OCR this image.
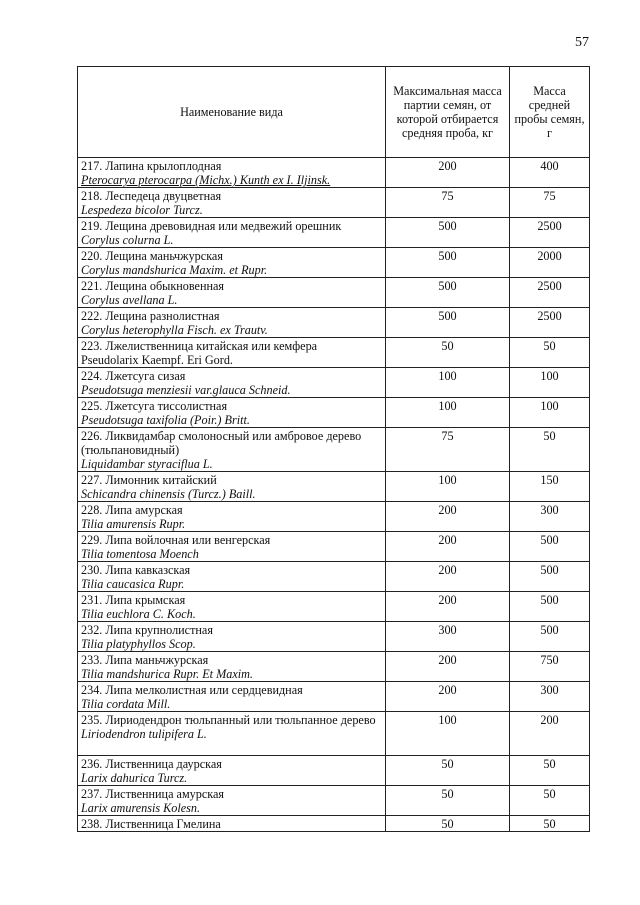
57
Наименование вида	Максимальная масса партии семян, от которой отбирается средняя проба, кг	Масса средней пробы семян, г
217. Лапина крылоплодная
Pterocarya pterocarpa (Michx.) Kunth ex I. Iljinsk.	200	400
218. Леспедеца двуцветная
Lespedeza bicolor Turcz.	75	75
219. Лещина древовидная или медвежий орешник
Corylus colurna L.	500	2500
220. Лещина маньчжурская
Corylus mandshurica Maxim. et Rupr.	500	2000
221. Лещина обыкновенная
Corylus avellana L.	500	2500
222. Лещина разнолистная
Corylus heterophylla Fisch. ex Trautv.	500	2500
223. Лжелиственница китайская или кемфера
Pseudolarix Kaempf. Eri Gord.	50	50
224. Лжетсуга сизая
Pseudotsuga menziesii var.glauca Schneid.	100	100
225. Лжетсуга тиссолистная
Pseudotsuga taxifolia (Poir.) Britt.	100	100
226. Ликвидамбар смолоносный или амбровое дерево (тюльпановидный)
Liquidambar styraciflua L.	75	50
227. Лимонник китайский
Schicandra chinensis (Turcz.) Baill.	100	150
228. Липа амурская
Tilia amurensis Rupr.	200	300
229. Липа войлочная или венгерская
Tilia tomentosa Moench	200	500
230. Липа кавказская
Tilia caucasica Rupr.	200	500
231. Липа крымская
Tilia euchlora C. Koch.	200	500
232. Липа крупнолистная
Tilia platyphyllos Scop.	300	500
233. Липа маньчжурская
Tilia mandshurica Rupr. Et Maxim.	200	750
234. Липа мелколистная или сердцевидная
Tilia cordata Mill.	200	300
235. Лириодендрон тюльпанный или тюльпанное дерево
Liriodendron tulipifera L.	100	200
236. Лиственница даурская
Larix dahurica Turcz.	50	50
237. Лиственница амурская
Larix amurensis Kolesn.	50	50
238. Лиственница Гмелина	50	50
